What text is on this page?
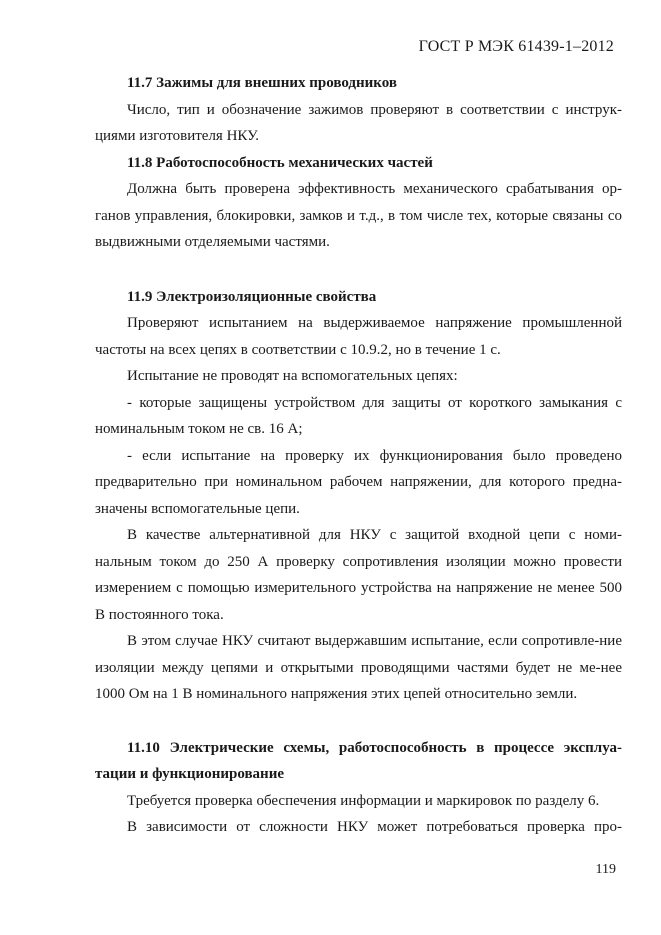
ГОСТ Р МЭК 61439-1–2012

11.7 Зажимы для внешних проводников

Число, тип и обозначение зажимов проверяют в соответствии с инструк-циями изготовителя НКУ.

11.8 Работоспособность механических частей

Должна быть проверена эффективность механического срабатывания ор-ганов управления, блокировки, замков и т.д., в том числе тех, которые связаны со выдвижными отделяемыми частями.

11.9 Электроизоляционные свойства

Проверяют испытанием на выдерживаемое напряжение промышленной частоты на всех цепях в соответствии с 10.9.2, но в течение 1 с.

Испытание не проводят на вспомогательных цепях:

- которые защищены устройством для защиты от короткого замыкания с номинальным током не св. 16 А;

- если испытание на проверку их функционирования было проведено предварительно при номинальном рабочем напряжении, для которого предна-значены вспомогательные цепи.

В качестве альтернативной для НКУ с защитой входной цепи с номи-нальным током до 250 А проверку сопротивления изоляции можно провести измерением с помощью измерительного устройства на напряжение не менее 500 В постоянного тока.

В этом случае НКУ считают выдержавшим испытание, если сопротивле-ние изоляции между цепями и открытыми проводящими частями будет не ме-нее 1000 Ом на 1 В номинального напряжения этих цепей относительно земли.

11.10 Электрические схемы, работоспособность в процессе эксплуа-тации и функционирование

Требуется проверка обеспечения информации и маркировок по разделу 6.

В зависимости от сложности НКУ может потребоваться проверка про-

119
